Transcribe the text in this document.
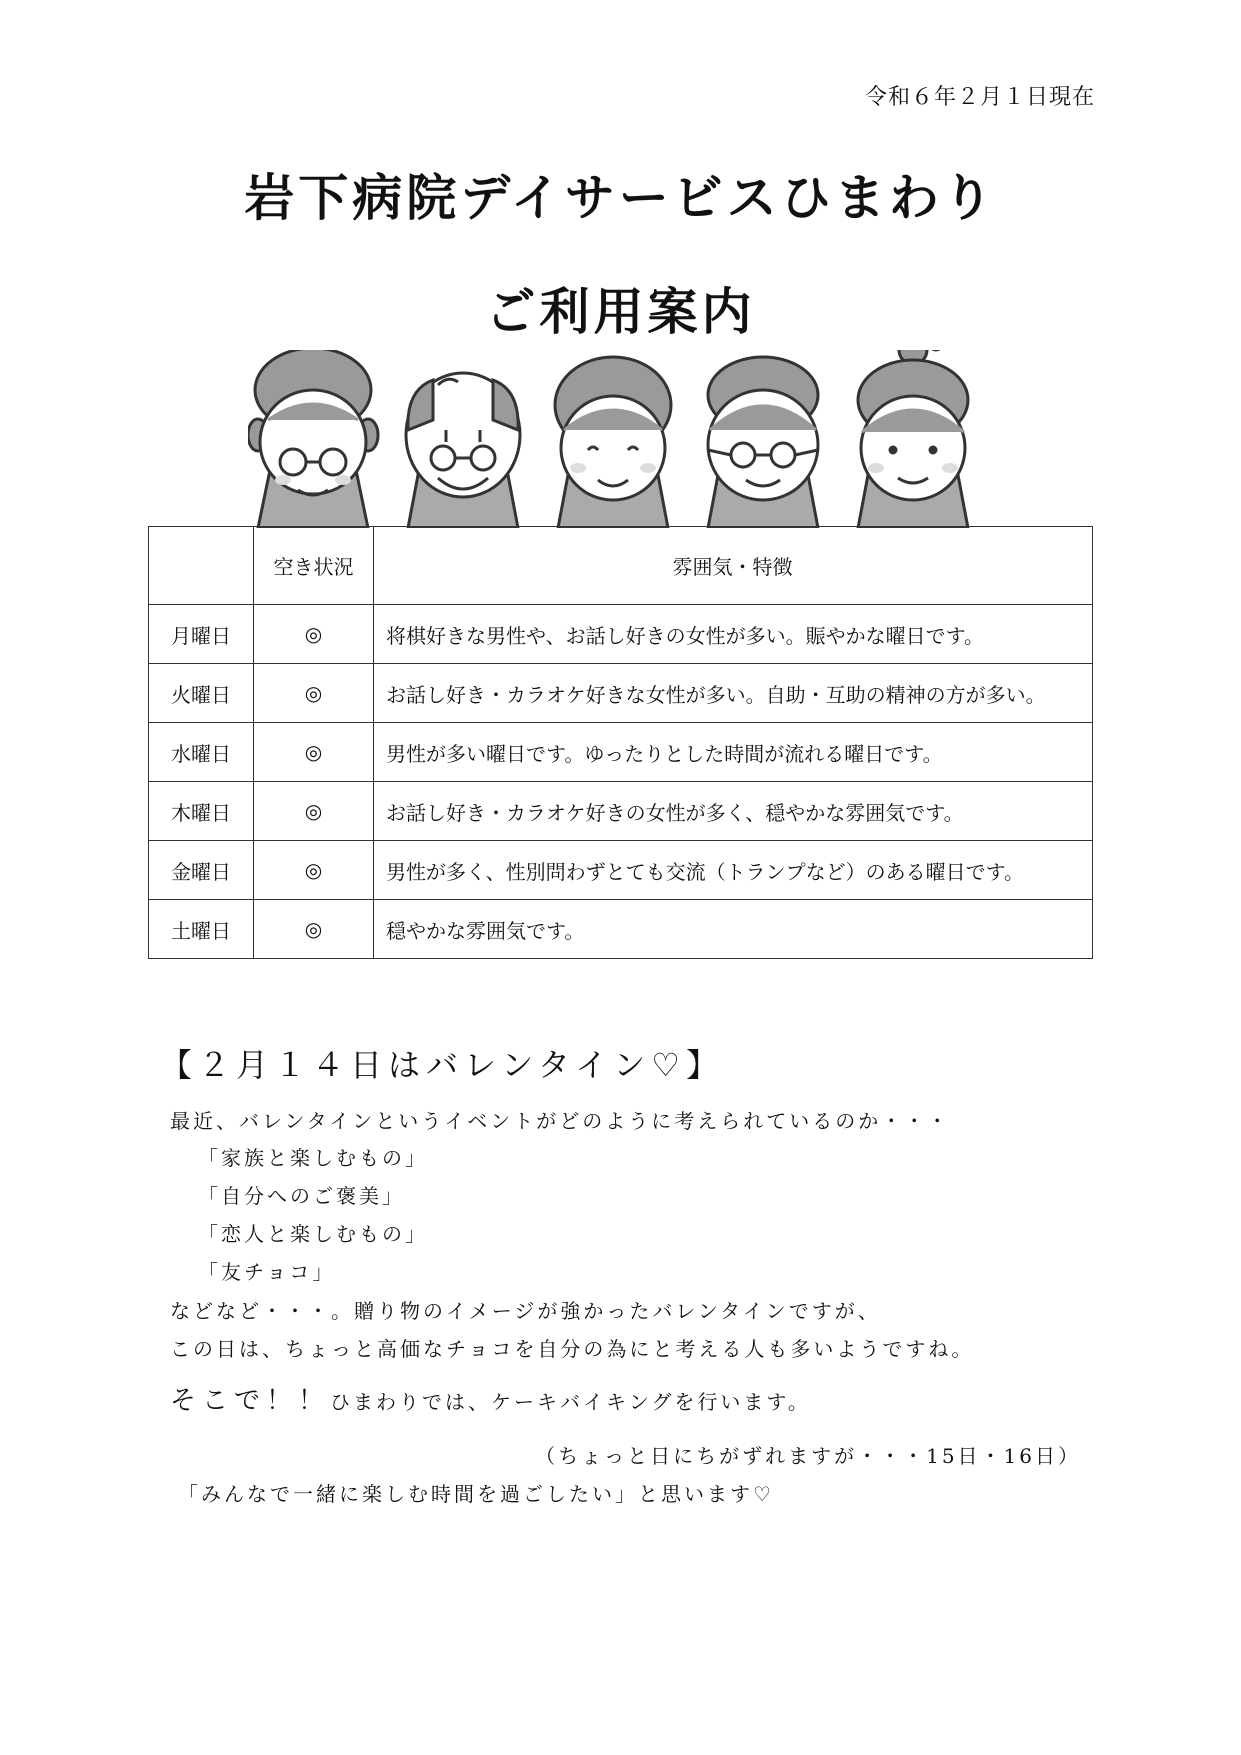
令和６年２月１日現在
岩下病院デイサービスひまわり
ご利用案内
	空き状況	雰囲気・特徴
月曜日	◎	将棋好きな男性や、お話し好きの女性が多い。賑やかな曜日です。
火曜日	◎	お話し好き・カラオケ好きな女性が多い。自助・互助の精神の方が多い。
水曜日	◎	男性が多い曜日です。ゆったりとした時間が流れる曜日です。
木曜日	◎	お話し好き・カラオケ好きの女性が多く、穏やかな雰囲気です。
金曜日	◎	男性が多く、性別問わずとても交流（トランプなど）のある曜日です。
土曜日	◎	穏やかな雰囲気です。
【２月１４日はバレンタイン♡】
最近、バレンタインというイベントがどのように考えられているのか・・・
「家族と楽しむもの」
「自分へのご褒美」
「恋人と楽しむもの」
「友チョコ」
などなど・・・。贈り物のイメージが強かったバレンタインですが、
この日は、ちょっと高価なチョコを自分の為にと考える人も多いようですね。
そこで！！ひまわりでは、ケーキバイキングを行います。
（ちょっと日にちがずれますが・・・15日・16日）
「みんなで一緒に楽しむ時間を過ごしたい」と思います♡
